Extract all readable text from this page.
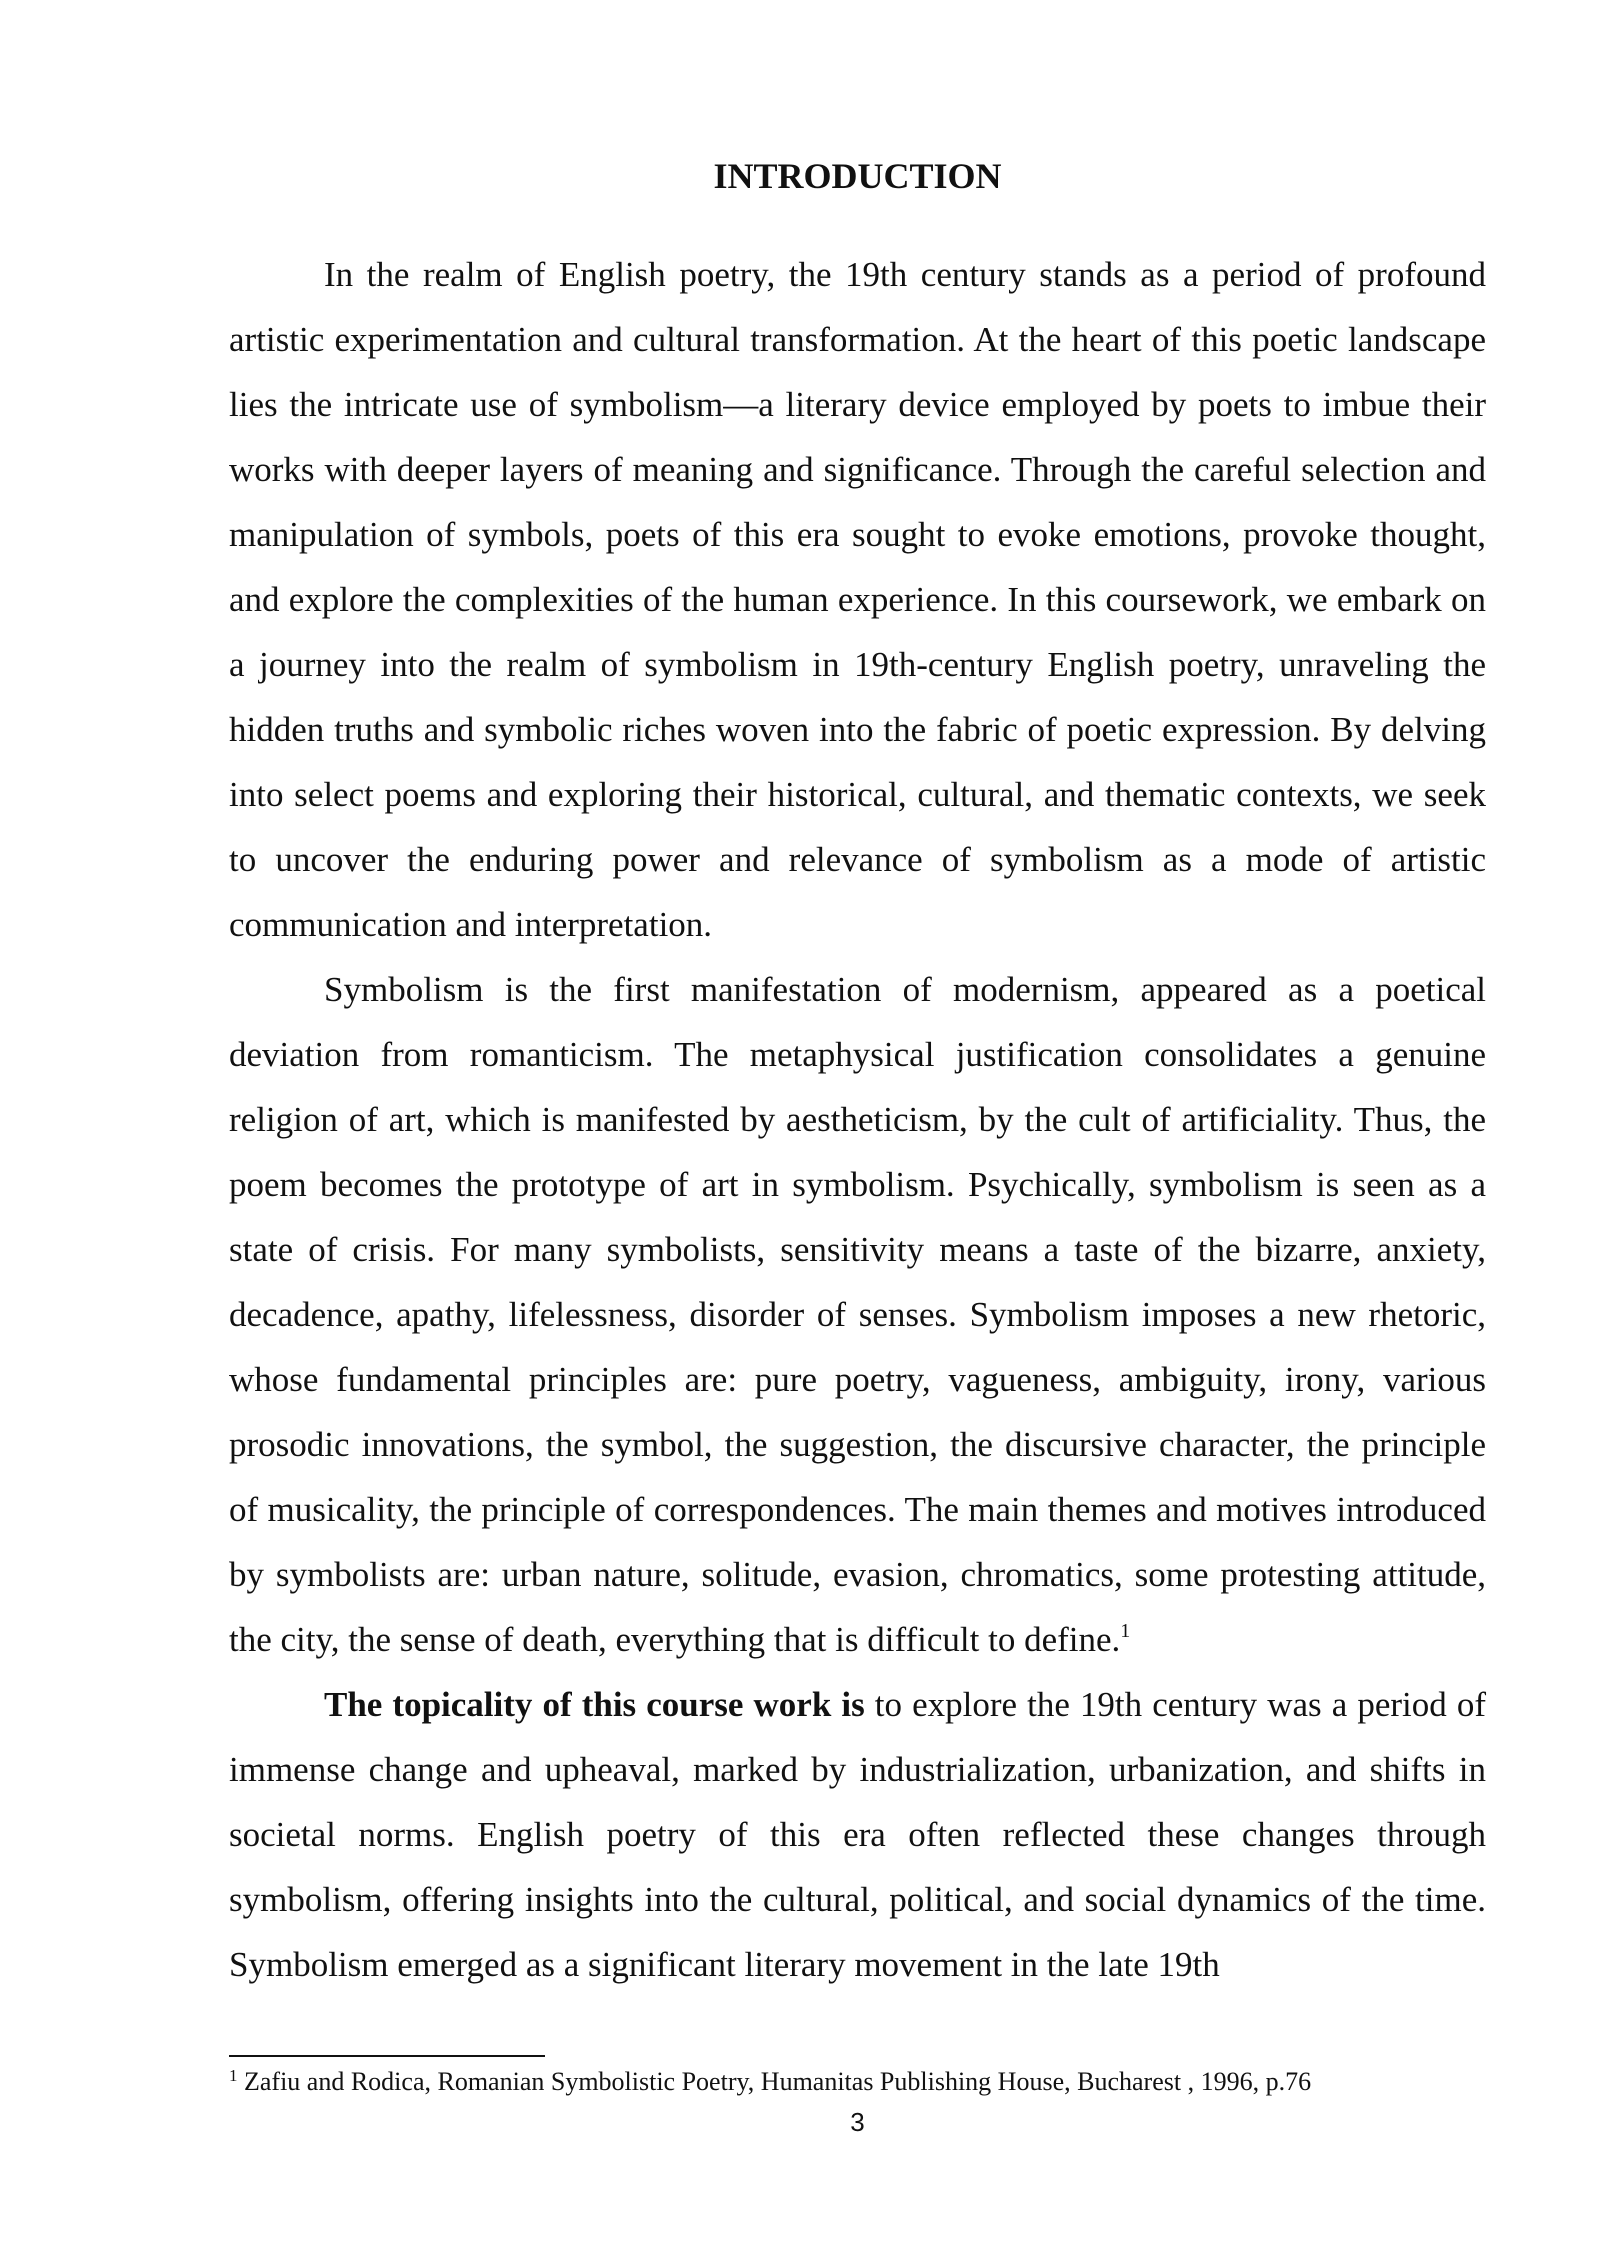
INTRODUCTION

In the realm of English poetry, the 19th century stands as a period of profound artistic experimentation and cultural transformation. At the heart of this poetic landscape lies the intricate use of symbolism—a literary device employed by poets to imbue their works with deeper layers of meaning and significance. Through the careful selection and manipulation of symbols, poets of this era sought to evoke emotions, provoke thought, and explore the complexities of the human experience. In this coursework, we embark on a journey into the realm of symbolism in 19th-century English poetry, unraveling the hidden truths and symbolic riches woven into the fabric of poetic expression. By delving into select poems and exploring their historical, cultural, and thematic contexts, we seek to uncover the enduring power and relevance of symbolism as a mode of artistic communication and interpretation.

Symbolism is the first manifestation of modernism, appeared as a poetical deviation from romanticism. The metaphysical justification consolidates a genuine religion of art, which is manifested by aestheticism, by the cult of artificiality. Thus, the poem becomes the prototype of art in symbolism. Psychically, symbolism is seen as a state of crisis. For many symbolists, sensitivity means a taste of the bizarre, anxiety, decadence, apathy, lifelessness, disorder of senses. Symbolism imposes a new rhetoric, whose fundamental principles are: pure poetry, vagueness, ambiguity, irony, various prosodic innovations, the symbol, the suggestion, the discursive character, the principle of musicality, the principle of correspondences. The main themes and motives introduced by symbolists are: urban nature, solitude, evasion, chromatics, some protesting attitude, the city, the sense of death, everything that is difficult to define.$^1$

The topicality of this course work is to explore the 19th century was a period of immense change and upheaval, marked by industrialization, urbanization, and shifts in societal norms. English poetry of this era often reflected these changes through symbolism, offering insights into the cultural, political, and social dynamics of the time. Symbolism emerged as a significant literary movement in the late 19th

$^1$ Zafiu and Rodica, Romanian Symbolistic Poetry, Humanitas Publishing House, Bucharest , 1996, p.76

3
